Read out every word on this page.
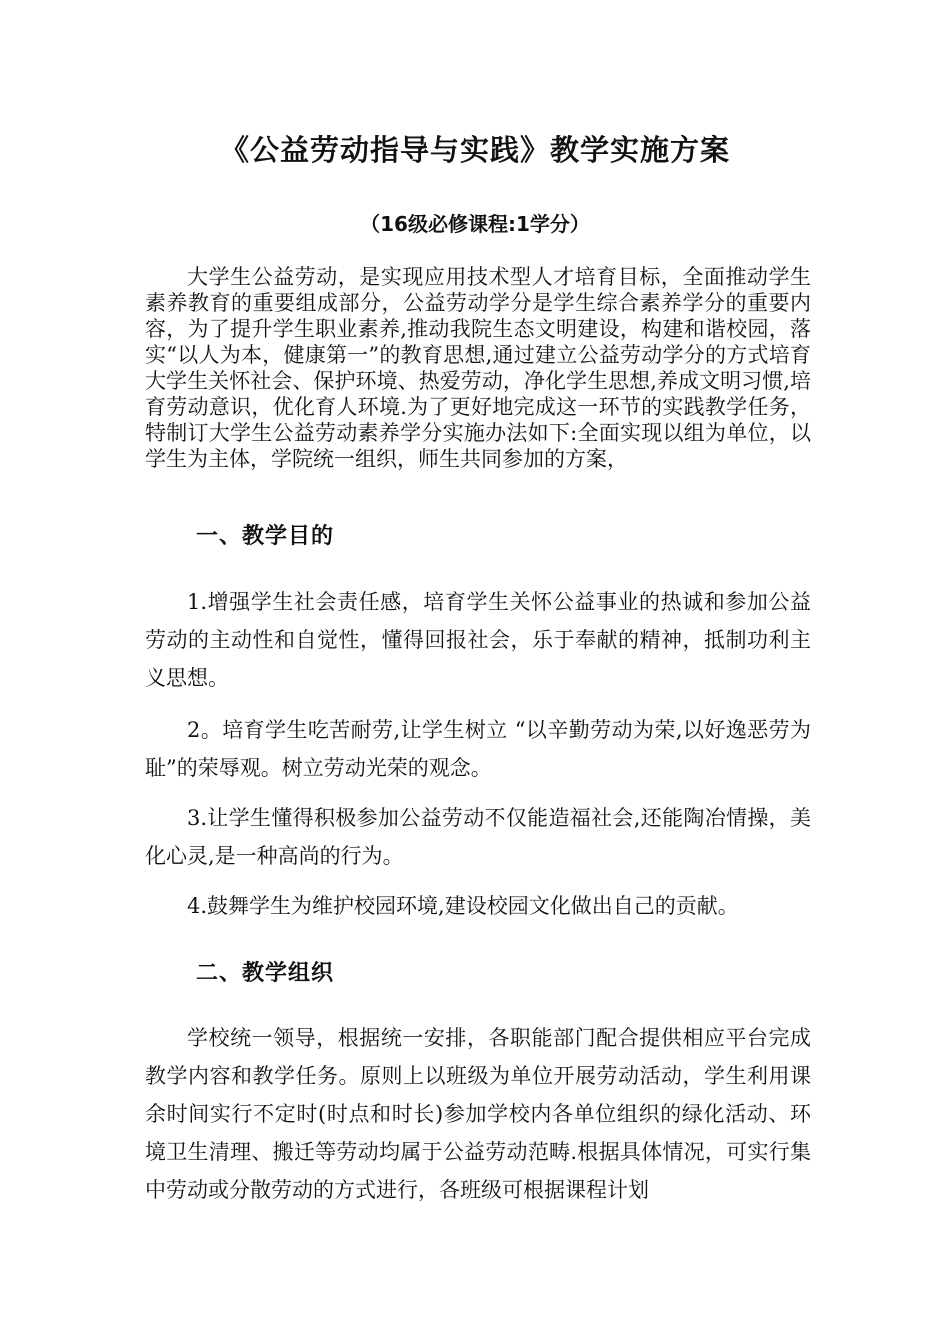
《公益劳动指导与实践》教学实施方案
（16级必修课程:1学分）

大学生公益劳动，是实现应用技术型人才培育目标，全面推动学生素养教育的重要组成部分，公益劳动学分是学生综合素养学分的重要内容，为了提升学生职业素养,推动我院生态文明建设，构建和谐校园，落实“以人为本，健康第一”的教育思想,通过建立公益劳动学分的方式培育大学生关怀社会、保护环境、热爱劳动，净化学生思想,养成文明习惯,培育劳动意识，优化育人环境.为了更好地完成这一环节的实践教学任务，特制订大学生公益劳动素养学分实施办法如下:全面实现以组为单位，以学生为主体，学院统一组织，师生共同参加的方案，

一、教学目的

1.增强学生社会责任感，培育学生关怀公益事业的热诚和参加公益劳动的主动性和自觉性，懂得回报社会，乐于奉献的精神，抵制功利主义思想。

2。培育学生吃苦耐劳,让学生树立 “以辛勤劳动为荣,以好逸恶劳为耻”的荣辱观。树立劳动光荣的观念。

3.让学生懂得积极参加公益劳动不仅能造福社会,还能陶冶情操，美化心灵,是一种高尚的行为。

4.鼓舞学生为维护校园环境,建设校园文化做出自己的贡献。

二、教学组织

学校统一领导，根据统一安排，各职能部门配合提供相应平台完成教学内容和教学任务。原则上以班级为单位开展劳动活动，学生利用课余时间实行不定时(时点和时长)参加学校内各单位组织的绿化活动、环境卫生清理、搬迁等劳动均属于公益劳动范畴.根据具体情况，可实行集中劳动或分散劳动的方式进行，各班级可根据课程计划
